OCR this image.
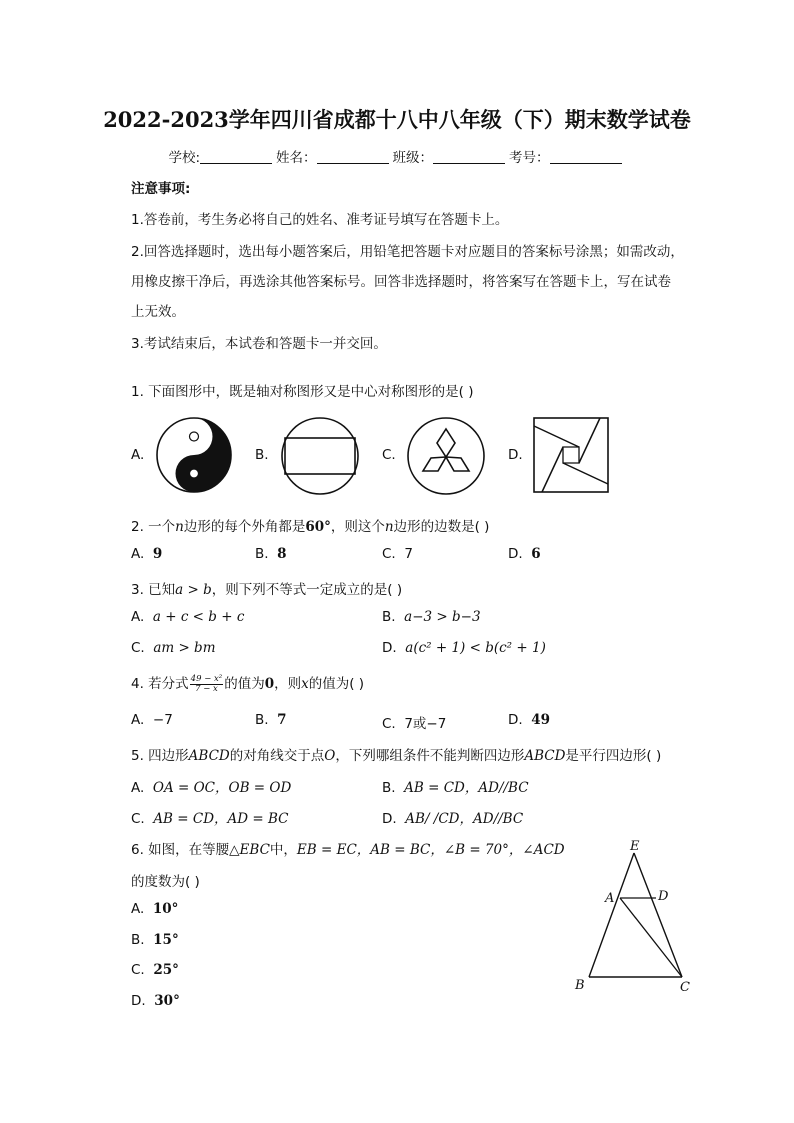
2022-2023学年四川省成都十八中八年级（下）期末数学试卷
学校:	姓名：	班级：	考号：
注意事项:
1.答卷前，考生务必将自己的姓名、准考证号填写在答题卡上。
2.回答选择题时，选出每小题答案后，用铅笔把答题卡对应题目的答案标号涂黑；如需改动，
用橡皮擦干净后，再选涂其他答案标号。回答非选择题时，将答案写在答题卡上，写在试卷
上无效。
3.考试结束后，本试卷和答题卡一并交回。
1. 下面图形中，既是轴对称图形又是中心对称图形的是( )
A.	B.	C.	D.
2. 一个n边形的每个外角都是60°，则这个n边形的边数是( )
A. 9	B. 8	C. 7	D. 6
3. 已知a > b，则下列不等式一定成立的是( )
A. a + c < b + c	B. a−3 > b−3
C. am > bm	D. a(c² + 1) < b(c² + 1)
4. 若分式 $\frac{\text{49 − x²}}{7 - x}$ 的值为0，则x的值为( )
A. −7	B. 7	C. 7或−7	D. 49
5. 四边形ABCD的对角线交于点O，下列哪组条件不能判断四边形ABCD是平行四边形( )
A. OA = OC，OB = OD	B. AB = CD，AD//BC
C. AB = CD，AD = BC	D. AB/ /CD，AD//BC
6. 如图，在等腰△EBC中，EB = EC，AB = BC，∠B = 70°，∠ACD
的度数为( )
A. 10°
B. 15°
C. 25°
D. 30°
E
A	D
B	C
